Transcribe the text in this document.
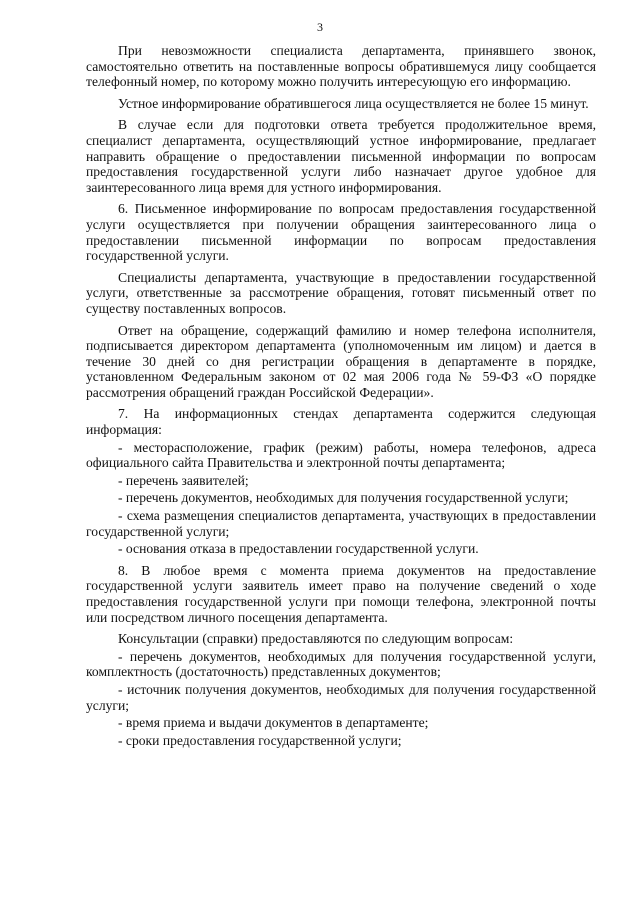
3

При невозможности специалиста департамента, принявшего звонок, самостоятельно ответить на поставленные вопросы обратившемуся лицу сообщается телефонный номер, по которому можно получить интересующую его информацию.

Устное информирование обратившегося лица осуществляется не более 15 минут.

В случае если для подготовки ответа требуется продолжительное время, специалист департамента, осуществляющий устное информирование, предлагает направить обращение о предоставлении письменной информации по вопросам предоставления государственной услуги либо назначает другое удобное для заинтересованного лица время для устного информирования.

6. Письменное информирование по вопросам предоставления государственной услуги осуществляется при получении обращения заинтересованного лица о предоставлении письменной информации по вопросам предоставления государственной услуги.

Специалисты департамента, участвующие в предоставлении государственной услуги, ответственные за рассмотрение обращения, готовят письменный ответ по существу поставленных вопросов.

Ответ на обращение, содержащий фамилию и номер телефона исполнителя, подписывается директором департамента (уполномоченным им лицом) и дается в течение 30 дней со дня регистрации обращения в департаменте в порядке, установленном Федеральным законом от 02 мая 2006 года № 59-ФЗ «О порядке рассмотрения обращений граждан Российской Федерации».

7. На информационных стендах департамента содержится следующая информация:

- месторасположение, график (режим) работы, номера телефонов, адреса официального сайта Правительства и электронной почты департамента;

- перечень заявителей;

- перечень документов, необходимых для получения государственной услуги;

- схема размещения специалистов департамента, участвующих в предоставлении государственной услуги;

- основания отказа в предоставлении государственной услуги.

8. В любое время с момента приема документов на предоставление государственной услуги заявитель имеет право на получение сведений о ходе предоставления государственной услуги при помощи телефона, электронной почты или посредством личного посещения департамента.

Консультации (справки) предоставляются по следующим вопросам:

- перечень документов, необходимых для получения государственной услуги, комплектность (достаточность) представленных документов;

- источник получения документов, необходимых для получения государственной услуги;

- время приема и выдачи документов в департаменте;

- сроки предоставления государственной услуги;
